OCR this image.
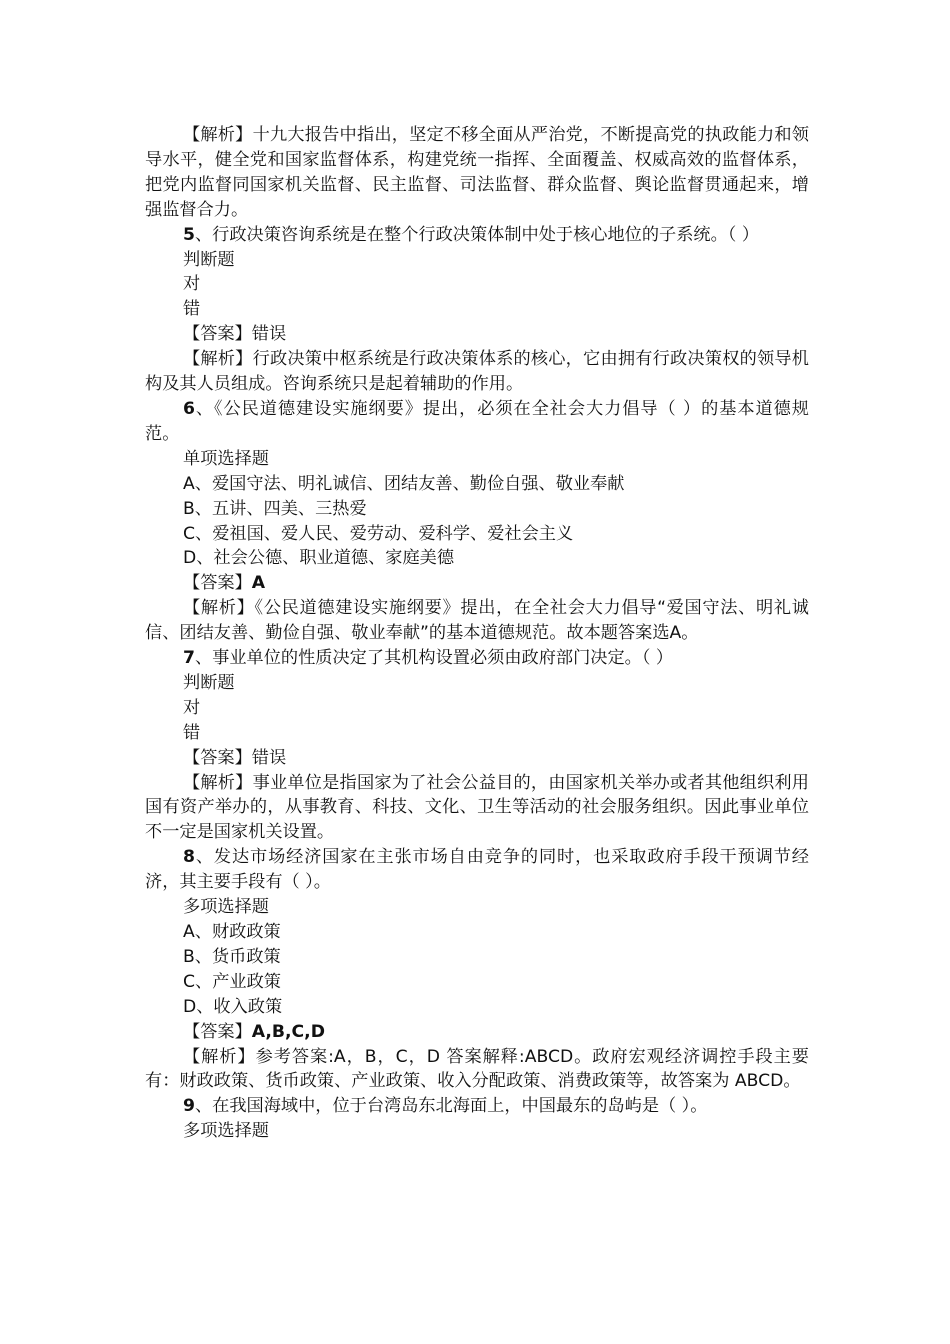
【解析】十九大报告中指出，坚定不移全面从严治党，不断提高党的执政能力和领导水平，健全党和国家监督体系，构建党统一指挥、全面覆盖、权威高效的监督体系，把党内监督同国家机关监督、民主监督、司法监督、群众监督、舆论监督贯通起来，增强监督合力。

5、行政决策咨询系统是在整个行政决策体制中处于核心地位的子系统。（ ）

判断题

对

错

【答案】错误

【解析】行政决策中枢系统是行政决策体系的核心，它由拥有行政决策权的领导机构及其人员组成。咨询系统只是起着辅助的作用。

6、《公民道德建设实施纲要》提出，必须在全社会大力倡导（ ）的基本道德规范。

单项选择题

A、爱国守法、明礼诚信、团结友善、勤俭自强、敬业奉献

B、五讲、四美、三热爱

C、爱祖国、爱人民、爱劳动、爱科学、爱社会主义

D、社会公德、职业道德、家庭美德

【答案】A

【解析】《公民道德建设实施纲要》提出，在全社会大力倡导“爱国守法、明礼诚信、团结友善、勤俭自强、敬业奉献”的基本道德规范。故本题答案选A。

7、事业单位的性质决定了其机构设置必须由政府部门决定。（ ）

判断题

对

错

【答案】错误

【解析】事业单位是指国家为了社会公益目的，由国家机关举办或者其他组织利用国有资产举办的，从事教育、科技、文化、卫生等活动的社会服务组织。因此事业单位不一定是国家机关设置。

8、发达市场经济国家在主张市场自由竞争的同时，也采取政府手段干预调节经济，其主要手段有（ ）。

多项选择题

A、财政政策

B、货币政策

C、产业政策

D、收入政策

【答案】A,B,C,D

【解析】参考答案:A，B，C，D 答案解释:ABCD。政府宏观经济调控手段主要有：财政政策、货币政策、产业政策、收入分配政策、消费政策等，故答案为 ABCD。

9、在我国海域中，位于台湾岛东北海面上，中国最东的岛屿是（ ）。

多项选择题
